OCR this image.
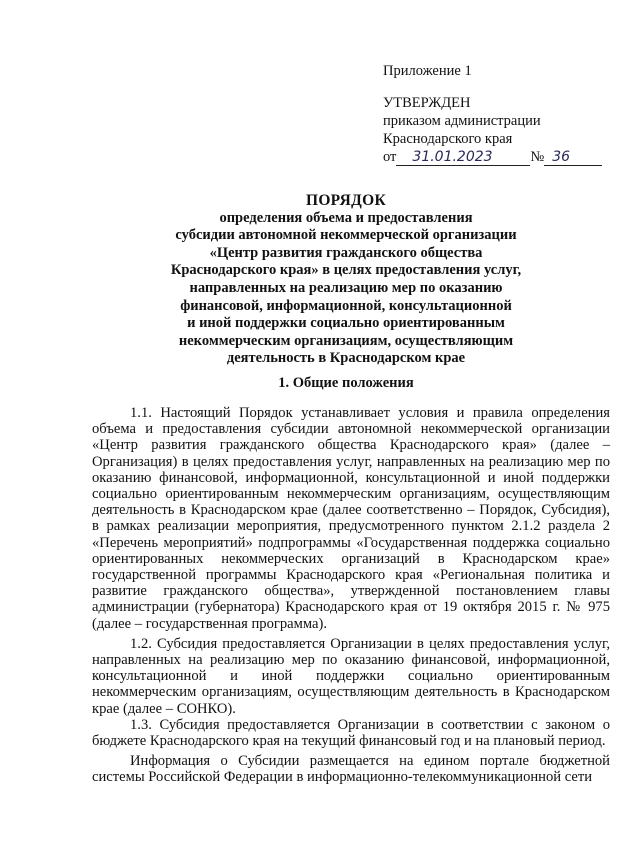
Приложение 1
УТВЕРЖДЕН
приказом администрации
Краснодарского края
от 31.01.2023	№ 36
ПОРЯДОК
определения объема и предоставления
субсидии автономной некоммерческой организации
«Центр развития гражданского общества
Краснодарского края» в целях предоставления услуг,
направленных на реализацию мер по оказанию
финансовой, информационной, консультационной
и иной поддержки социально ориентированным
некоммерческим организациям, осуществляющим
деятельность в Краснодарском крае
1. Общие положения

1.1. Настоящий Порядок устанавливает условия и правила определения объема и предоставления субсидии автономной некоммерческой организации «Центр развития гражданского общества Краснодарского края» (далее – Организация) в целях предоставления услуг, направленных на реализацию мер по оказанию финансовой, информационной, консультационной и иной поддержки социально ориентированным некоммерческим организациям, осуществляющим деятельность в Краснодарском крае (далее соответственно – Порядок, Субсидия), в рамках реализации мероприятия, предусмотренного пунктом 2.1.2 раздела 2 «Перечень мероприятий» подпрограммы «Государственная поддержка социально ориентированных некоммерческих организаций в Краснодарском крае» государственной программы Краснодарского края «Региональная политика и развитие гражданского общества», утвержденной постановлением главы администрации (губернатора) Краснодарского края от 19 октября 2015 г. № 975 (далее – государственная программа).

1.2. Субсидия предоставляется Организации в целях предоставления услуг, направленных на реализацию мер по оказанию финансовой, информационной, консультационной и иной поддержки социально ориентированным некоммерческим организациям, осуществляющим деятельность в Краснодарском крае (далее – СОНКО).

1.3. Субсидия предоставляется Организации в соответствии с законом о бюджете Краснодарского края на текущий финансовый год и на плановый период.

Информация о Субсидии размещается на едином портале бюджетной системы Российской Федерации в информационно-телекоммуникационной сети
